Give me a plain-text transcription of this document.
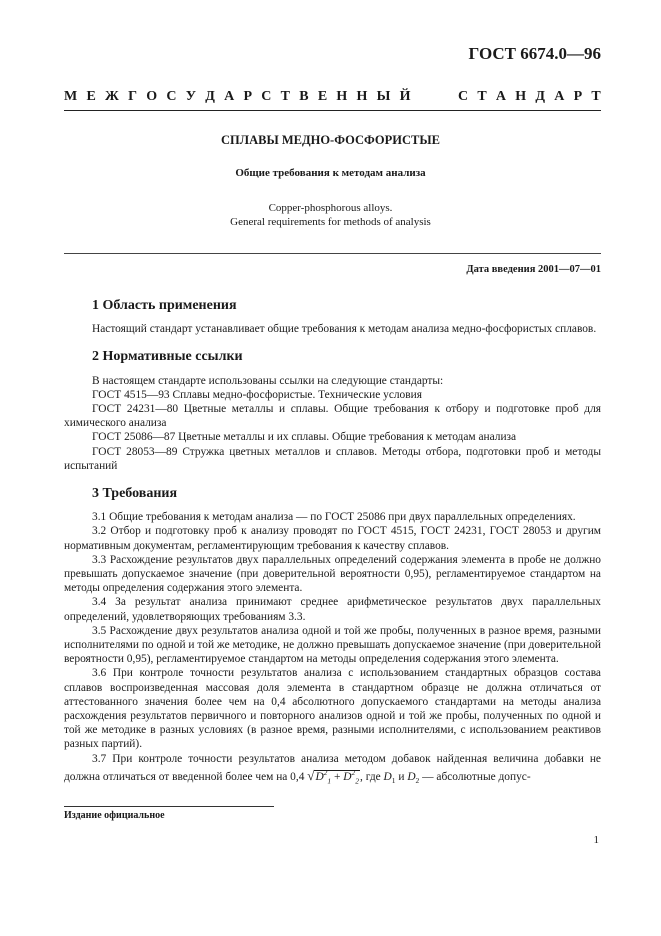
ГОСТ 6674.0—96
М Е Ж Г О С У Д А Р С Т В Е Н Н Ы Й

	С Т А Н Д А Р Т
СПЛАВЫ МЕДНО-ФОСФОРИСТЫЕ
Общие требования к методам анализа
Copper-phosphorous alloys.
General requirements for methods of analysis
Дата введения 2001—07—01
1 Область применения

Настоящий стандарт устанавливает общие требования к методам анализа медно-фосфористых сплавов.

2 Нормативные ссылки

В настоящем стандарте использованы ссылки на следующие стандарты:

ГОСТ 4515—93 Сплавы медно-фосфористые. Технические условия

ГОСТ 24231—80 Цветные металлы и сплавы. Общие требования к отбору и подготовке проб для химического анализа

ГОСТ 25086—87 Цветные металлы и их сплавы. Общие требования к методам анализа

ГОСТ 28053—89 Стружка цветных металлов и сплавов. Методы отбора, подготовки проб и методы испытаний

3 Требования

3.1 Общие требования к методам анализа — по ГОСТ 25086 при двух параллельных определениях.

3.2 Отбор и подготовку проб к анализу проводят по ГОСТ 4515, ГОСТ 24231, ГОСТ 28053 и другим нормативным документам, регламентирующим требования к качеству сплавов.

3.3 Расхождение результатов двух параллельных определений содержания элемента в пробе не должно превышать допускаемое значение (при доверительной вероятности 0,95), регламентируемое стандартом на методы определения содержания этого элемента.

3.4 За результат анализа принимают среднее арифметическое результатов двух параллельных определений, удовлетворяющих требованиям 3.3.

3.5 Расхождение двух результатов анализа одной и той же пробы, полученных в разное время, разными исполнителями по одной и той же методике, не должно превышать допускаемое значение (при доверительной вероятности 0,95), регламентируемое стандартом на методы определения содержания этого элемента.

3.6 При контроле точности результатов анализа с использованием стандартных образцов состава сплавов воспроизведенная массовая доля элемента в стандартном образце не должна отличаться от аттестованного значения более чем на 0,4 абсолютного допускаемого стандартами на методы анализа расхождения результатов первичного и повторного анализов одной и той же пробы, полученных по одной и той же методике в разных условиях (в разное время, разными исполнителями, с использованием реактивов разных партий).

3.7 При контроле точности результатов анализа методом добавок найденная величина добавки не должна отличаться от введенной более чем на 0,4 $√D^2_1 + D^2_2$, где $D_1$ и $D_2$ — абсолютные допус-

Издание официальное
1
